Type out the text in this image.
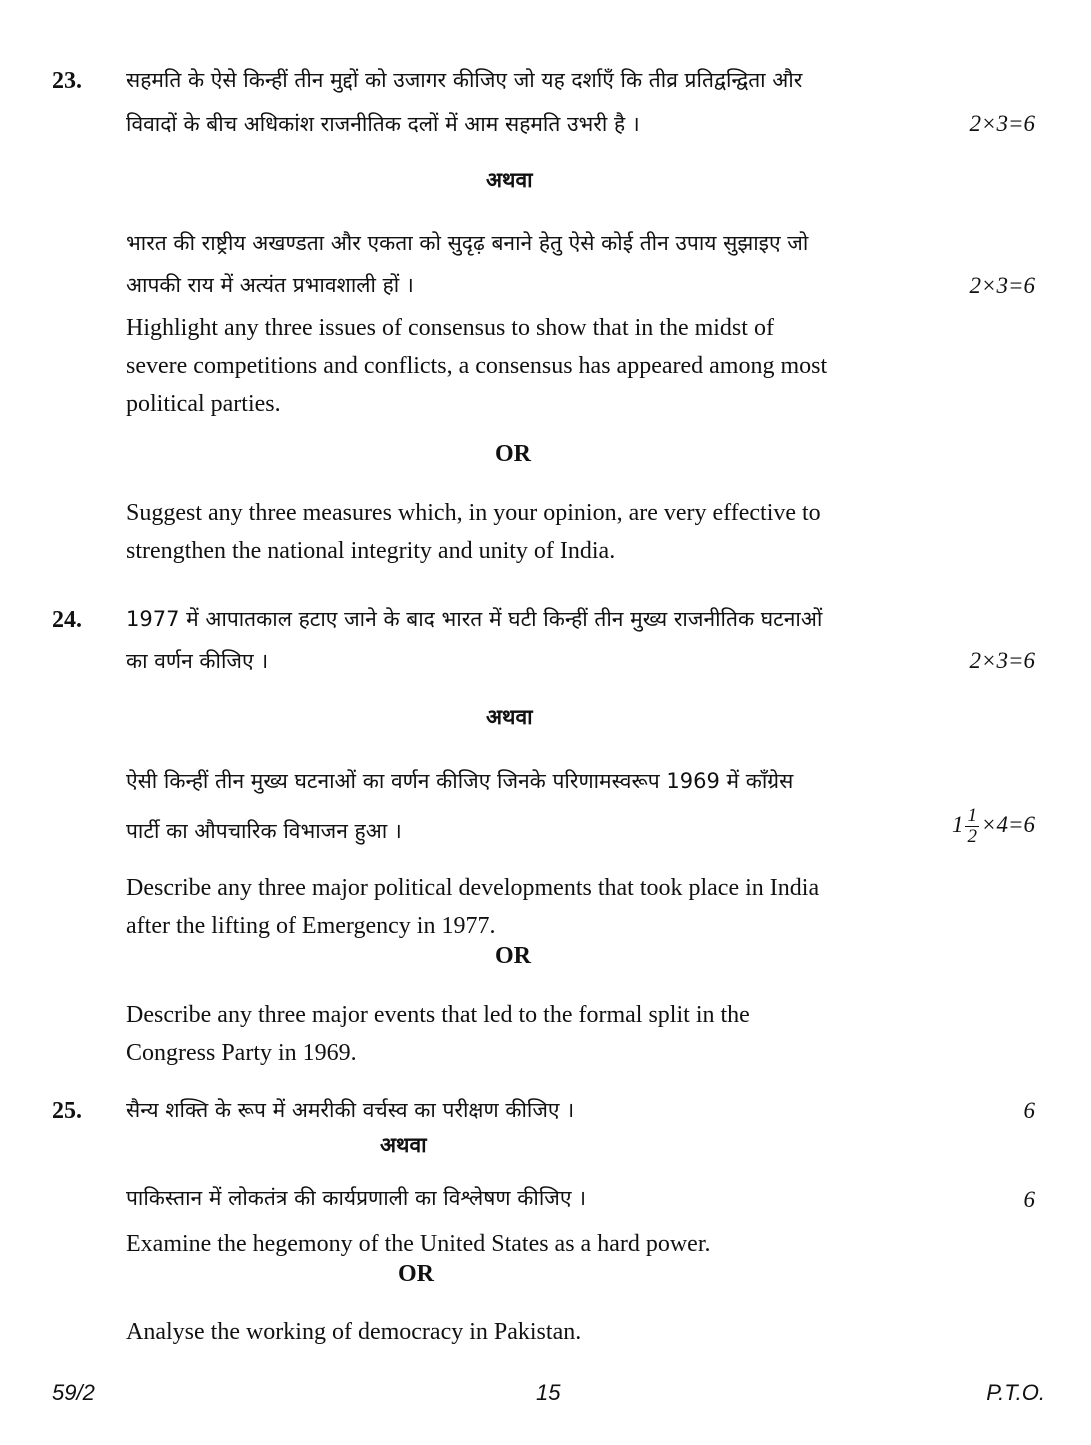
23. सहमति के ऐसे किन्हीं तीन मुद्दों को उजागर कीजिए जो यह दर्शाएँ कि तीव्र प्रतिद्वन्द्विता और
विवादों के बीच अधिकांश राजनीतिक दलों में आम सहमति उभरी है ।	2×3=6
अथवा
भारत की राष्ट्रीय अखण्डता और एकता को सुदृढ़ बनाने हेतु ऐसे कोई तीन उपाय सुझाइए जो
आपकी राय में अत्यंत प्रभावशाली हों ।	2×3=6
Highlight any three issues of consensus to show that in the midst of
severe competitions and conflicts, a consensus has appeared among most
political parties.
OR
Suggest any three measures which, in your opinion, are very effective to
strengthen the national integrity and unity of India.
24. 1977 में आपातकाल हटाए जाने के बाद भारत में घटी किन्हीं तीन मुख्य राजनीतिक घटनाओं
का वर्णन कीजिए ।	2×3=6
अथवा
ऐसी किन्हीं तीन मुख्य घटनाओं का वर्णन कीजिए जिनके परिणामस्वरूप 1969 में काँग्रेस
पार्टी का औपचारिक विभाजन हुआ ।	$1 \frac{1}{2} \times 4=6$
Describe any three major political developments that took place in India
after the lifting of Emergency in 1977.
OR
Describe any three major events that led to the formal split in the
Congress Party in 1969.
25. सैन्य शक्ति के रूप में अमरीकी वर्चस्व का परीक्षण कीजिए ।	6
अथवा
पाकिस्तान में लोकतंत्र की कार्यप्रणाली का विश्लेषण कीजिए ।	6
Examine the hegemony of the United States as a hard power.
OR
Analyse the working of democracy in Pakistan.
59/2	15	P.T.O.
